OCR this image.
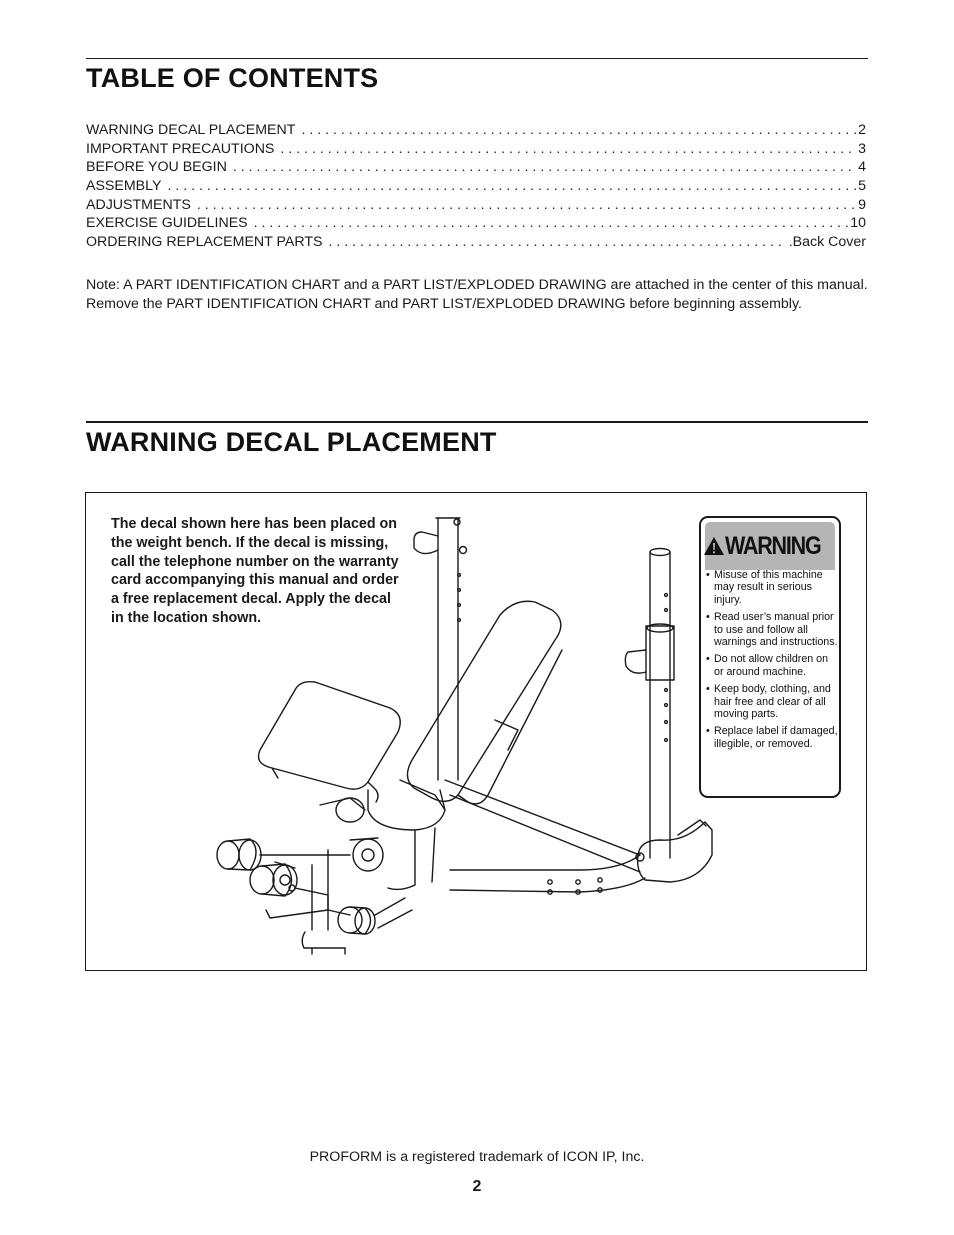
TABLE OF CONTENTS
WARNING DECAL PLACEMENT . . .	2
IMPORTANT PRECAUTIONS . . .	3
BEFORE YOU BEGIN . . .	4
ASSEMBLY . . .	5
ADJUSTMENTS . . .	9
EXERCISE GUIDELINES . . .	10
ORDERING REPLACEMENT PARTS . . .	.Back Cover

Note: A PART IDENTIFICATION CHART and a PART LIST/EXPLODED DRAWING are attached in the center of this manual. Remove the PART IDENTIFICATION CHART and PART LIST/EXPLODED DRAWING before beginning assembly.

WARNING DECAL PLACEMENT

The decal shown here has been placed on the weight bench. If the decal is missing, call the telephone number on the warranty card accompanying this manual and order a free replacement decal. Apply the decal in the location shown.

WARNING
• Misuse of this machine may result in serious injury.
• Read user’s manual prior to use and follow all warnings and instructions.
• Do not allow children on or around machine.
• Keep body, clothing, and hair free and clear of all moving parts.
• Replace label if damaged, illegible, or removed.
PROFORM is a registered trademark of ICON IP, Inc.
2
